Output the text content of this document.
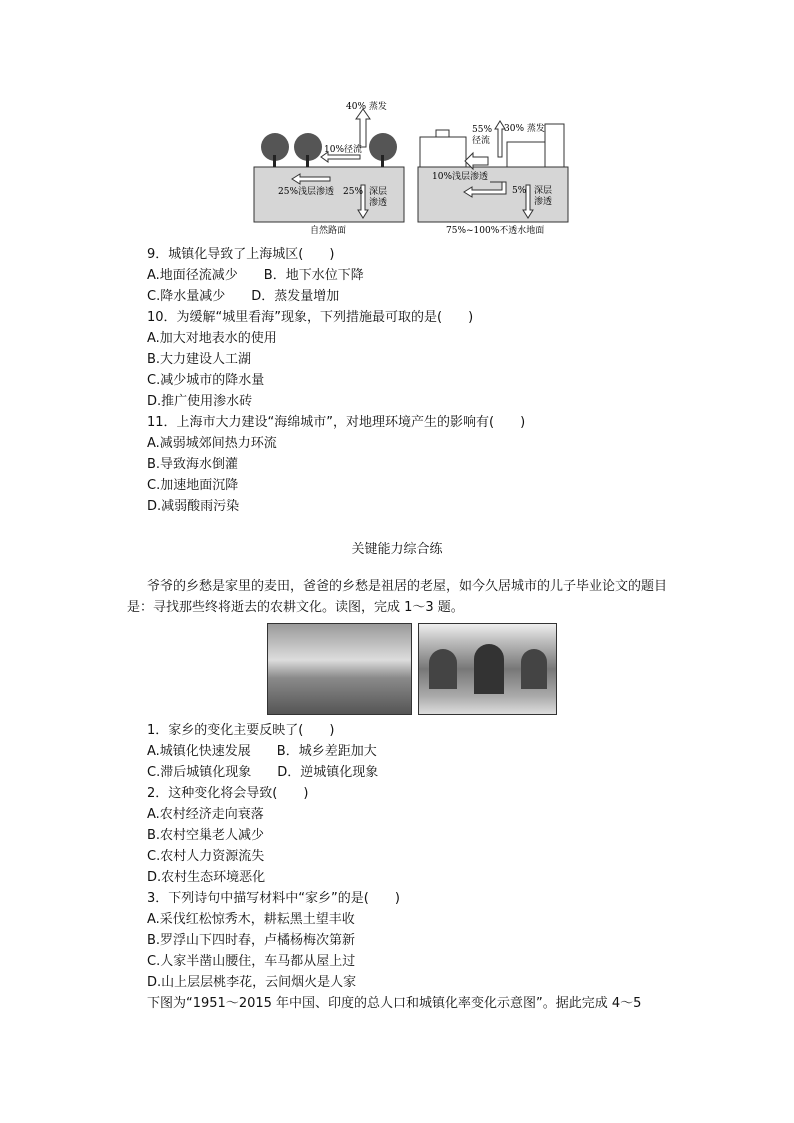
40% 蒸发
10%径流
25%浅层渗透 25% 深层
渗透
自然路面
55%
径流
30% 蒸发
10%浅层渗透
5% 深层
渗透
75%~100%不透水地面
关键能力综合练
爷爷的乡愁是家里的麦田，爸爸的乡愁是祖居的老屋，如今久居城市的儿子毕业论文的题目是：寻找那些终将逝去的农耕文化。读图，完成 1～3 题。
9．城镇化导致了上海城区(　　)
A.地面径流减少　　B．地下水位下降
C.降水量减少　　D．蒸发量增加
10．为缓解“城里看海”现象，下列措施最可取的是(　　)
A.加大对地表水的使用
B.大力建设人工湖
C.减少城市的降水量
D.推广使用渗水砖
11．上海市大力建设“海绵城市”，对地理环境产生的影响有(　　)
A.减弱城郊间热力环流
B.导致海水倒灌
C.加速地面沉降
D.减弱酸雨污染
1．家乡的变化主要反映了(　　)
A.城镇化快速发展　　B．城乡差距加大
C.滞后城镇化现象　　D．逆城镇化现象
2．这种变化将会导致(　　)
A.农村经济走向衰落
B.农村空巢老人减少
C.农村人力资源流失
D.农村生态环境恶化
3．下列诗句中描写材料中“家乡”的是(　　)
A.采伐红松惊秀木，耕耘黑土望丰收
B.罗浮山下四时春，卢橘杨梅次第新
C.人家半凿山腰住，车马都从屋上过
D.山上层层桃李花，云间烟火是人家
下图为“1951～2015 年中国、印度的总人口和城镇化率变化示意图”。据此完成 4～5
